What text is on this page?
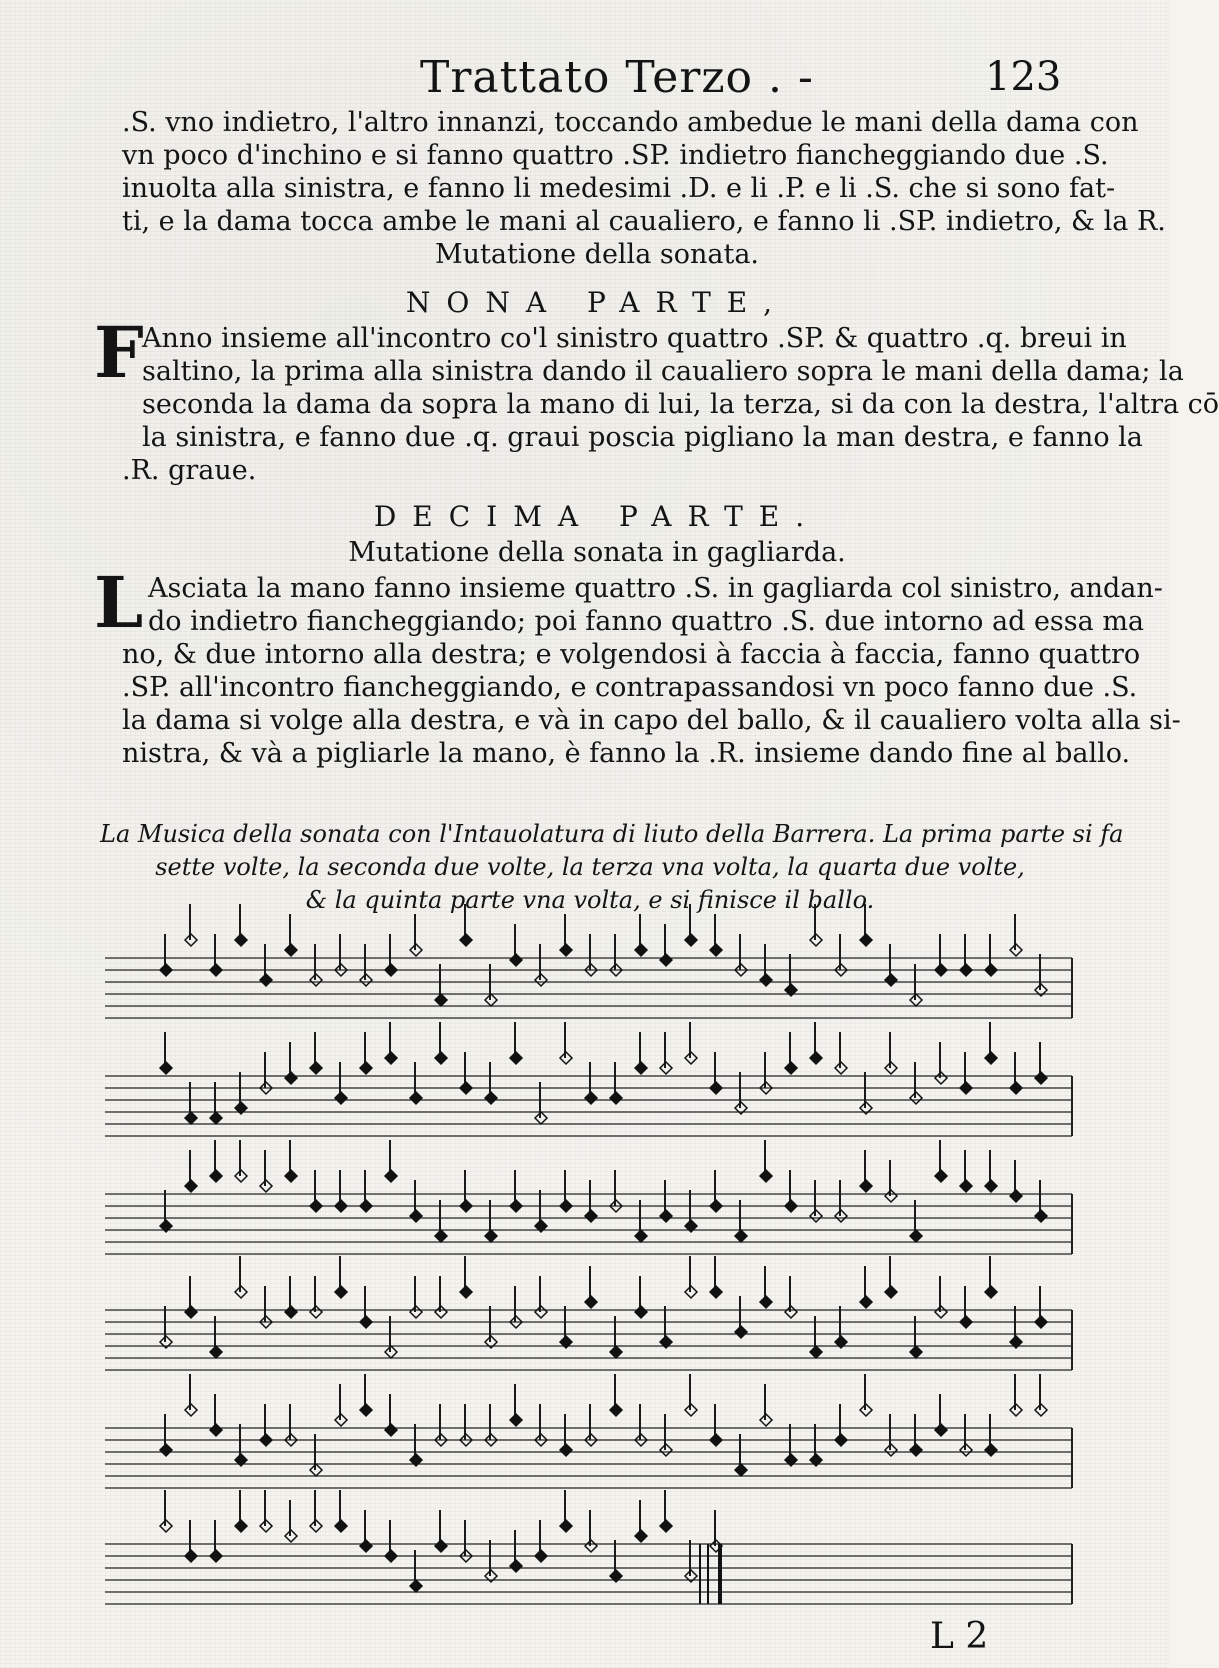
Trattato Terzo . -	123
.S. vno indietro, l'altro innanzi, toccando ambedue le mani della dama con
vn poco d'inchino e si fanno quattro .SP. indietro fiancheggiando due .S.
inuolta alla sinistra, e fanno li medesimi .D. e li .P. e li .S. che si sono fat-
ti, e la dama tocca ambe le mani al caualiero, e fanno li .SP. indietro, & la R.
Mutatione della sonata.
NONA PARTE,
F
Anno insieme all'incontro co'l sinistro quattro .SP. & quattro .q. breui in
saltino, la prima alla sinistra dando il caualiero sopra le mani della dama; la
seconda la dama da sopra la mano di lui, la terza, si da con la destra, l'altra cō
la sinistra, e fanno due .q. graui poscia pigliano la man destra, e fanno la
.R. graue.
DECIMA PARTE.
Mutatione della sonata in gagliarda.
L Asciata la mano fanno insieme quattro .S. in gagliarda col sinistro, andan-
do indietro fiancheggiando; poi fanno quattro .S. due intorno ad essa ma
no, & due intorno alla destra; e volgendosi à faccia à faccia, fanno quattro
.SP. all'incontro fiancheggiando, e contrapassandosi vn poco fanno due .S.
la dama si volge alla destra, e và in capo del ballo, & il caualiero volta alla si-
nistra, & và a pigliarle la mano, è fanno la .R. insieme dando fine al ballo.
La Musica della sonata con l'Intauolatura di liuto della Barrera. La prima parte si fa
sette volte, la seconda due volte, la terza vna volta, la quarta due volte,
& la quinta parte vna volta, e si finisce il ballo.
L 2
